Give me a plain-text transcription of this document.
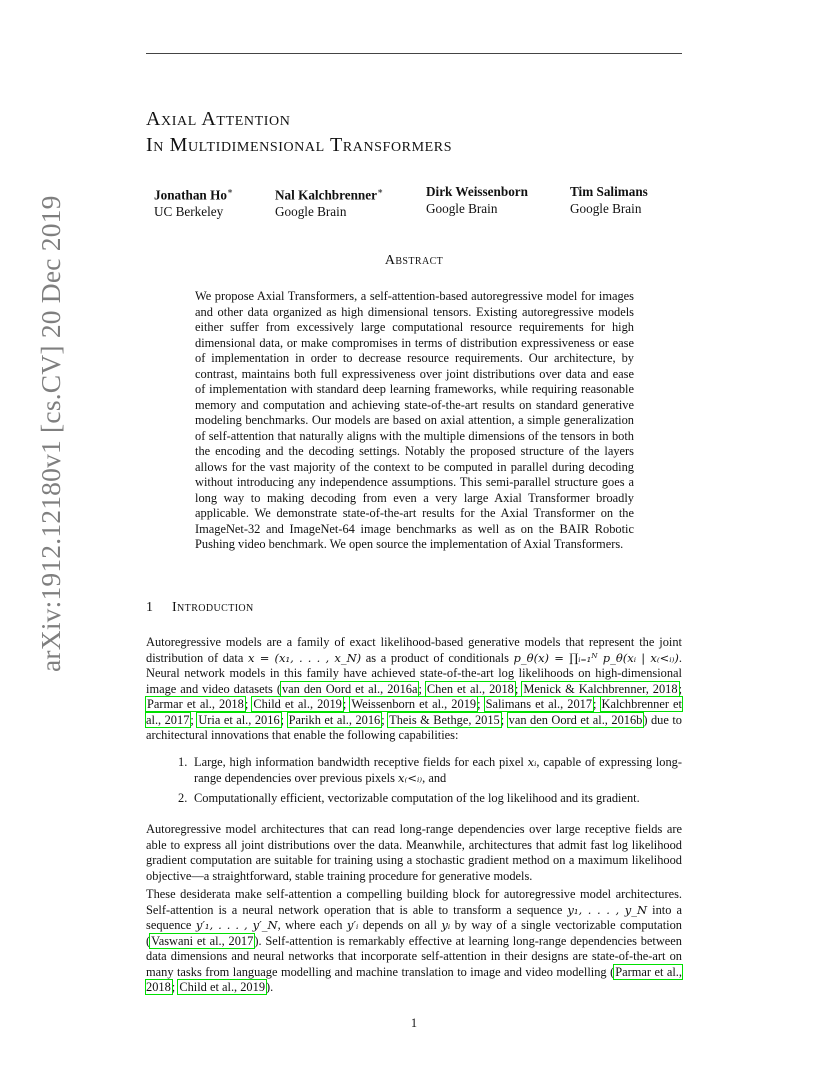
arXiv:1912.12180v1 [cs.CV] 20 Dec 2019
Axial Attention
In Multidimensional Transformers
Jonathan Ho∗
UC Berkeley
Nal Kalchbrenner∗
Google Brain
Dirk Weissenborn
Google Brain
Tim Salimans
Google Brain
Abstract
We propose Axial Transformers, a self-attention-based autoregressive model for images and other data organized as high dimensional tensors. Existing autoregressive models either suffer from excessively large computational resource requirements for high dimensional data, or make compromises in terms of distribution expressiveness or ease of implementation in order to decrease resource requirements. Our architecture, by contrast, maintains both full expressiveness over joint distributions over data and ease of implementation with standard deep learning frameworks, while requiring reasonable memory and computation and achieving state-of-the-art results on standard generative modeling benchmarks. Our models are based on axial attention, a simple generalization of self-attention that naturally aligns with the multiple dimensions of the tensors in both the encoding and the decoding settings. Notably the proposed structure of the layers allows for the vast majority of the context to be computed in parallel during decoding without introducing any independence assumptions. This semi-parallel structure goes a long way to making decoding from even a very large Axial Transformer broadly applicable. We demonstrate state-of-the-art results for the Axial Transformer on the ImageNet-32 and ImageNet-64 image benchmarks as well as on the BAIR Robotic Pushing video benchmark. We open source the implementation of Axial Transformers.
1 Introduction
Autoregressive models are a family of exact likelihood-based generative models that represent the joint distribution of data x = (x₁, . . . , x_N) as a product of conditionals p_θ(x) = ∏ᵢ₌₁ᴺ p_θ(xᵢ | x₍<ᵢ₎). Neural network models in this family have achieved state-of-the-art log likelihoods on high-dimensional image and video datasets (van den Oord et al., 2016a; Chen et al., 2018; Menick & Kalchbrenner, 2018; Parmar et al., 2018; Child et al., 2019; Weissenborn et al., 2019; Salimans et al., 2017; Kalchbrenner et al., 2017; Uria et al., 2016; Parikh et al., 2016; Theis & Bethge, 2015; van den Oord et al., 2016b) due to architectural innovations that enable the following capabilities:
1. Large, high information bandwidth receptive fields for each pixel xᵢ, capable of expressing long-range dependencies over previous pixels x₍<ᵢ₎, and
2. Computationally efficient, vectorizable computation of the log likelihood and its gradient.
Autoregressive model architectures that can read long-range dependencies over large receptive fields are able to express all joint distributions over the data. Meanwhile, architectures that admit fast log likelihood gradient computation are suitable for training using a stochastic gradient method on a maximum likelihood objective—a straightforward, stable training procedure for generative models.
These desiderata make self-attention a compelling building block for autoregressive model architectures. Self-attention is a neural network operation that is able to transform a sequence y₁, . . . , y_N into a sequence y′₁, . . . , y′_N, where each y′ᵢ depends on all yᵢ by way of a single vectorizable computation (Vaswani et al., 2017). Self-attention is remarkably effective at learning long-range dependencies between data dimensions and neural networks that incorporate self-attention in their designs are state-of-the-art on many tasks from language modelling and machine translation to image and video modelling (Parmar et al., 2018; Child et al., 2019).
1
